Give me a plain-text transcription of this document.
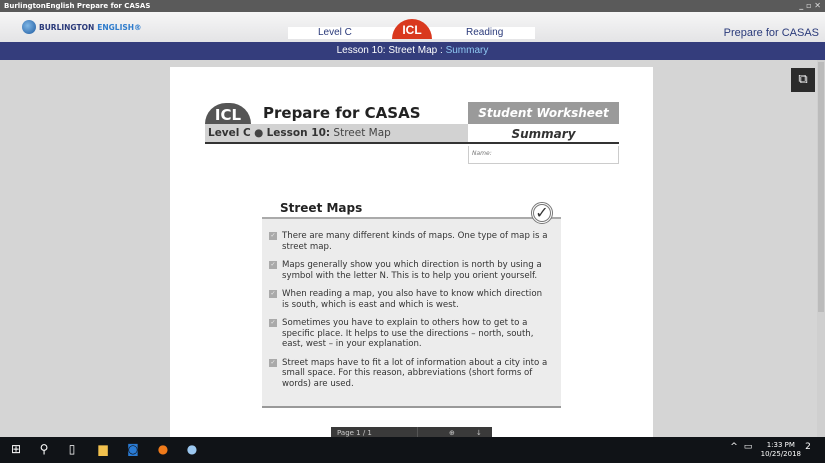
BurlingtonEnglish Prepare for CASAS	_ ▫ ✕
BURLINGTON ENGLISH®	Level C	ICL	Reading	Prepare for CASAS
Lesson 10: Street Map : Summary
ICL	Prepare for CASAS
Level C ● Lesson 10: Street Map
Student Worksheet
Summary
Name:
Street Maps	✓
✓ There are many different kinds of maps. One type of map is a street map.
✓ Maps generally show you which direction is north by using a symbol with the letter N. This is to help you orient yourself.
✓ When reading a map, you also have to know which direction is south, which is east and which is west.
✓ Sometimes you have to explain to others how to get to a specific place. It helps to use the directions – north, south, east, west – in your explanation.
✓ Street maps have to fit a lot of information about a city into a small space. For this reason, abbreviations (short forms of words) are used.
Page 1 / 1	⊕	↓
⧉
⊞ ⚲	▯	▆ ◙ ● ●	^ ▭	1:33 PM
10/25/2018
2
